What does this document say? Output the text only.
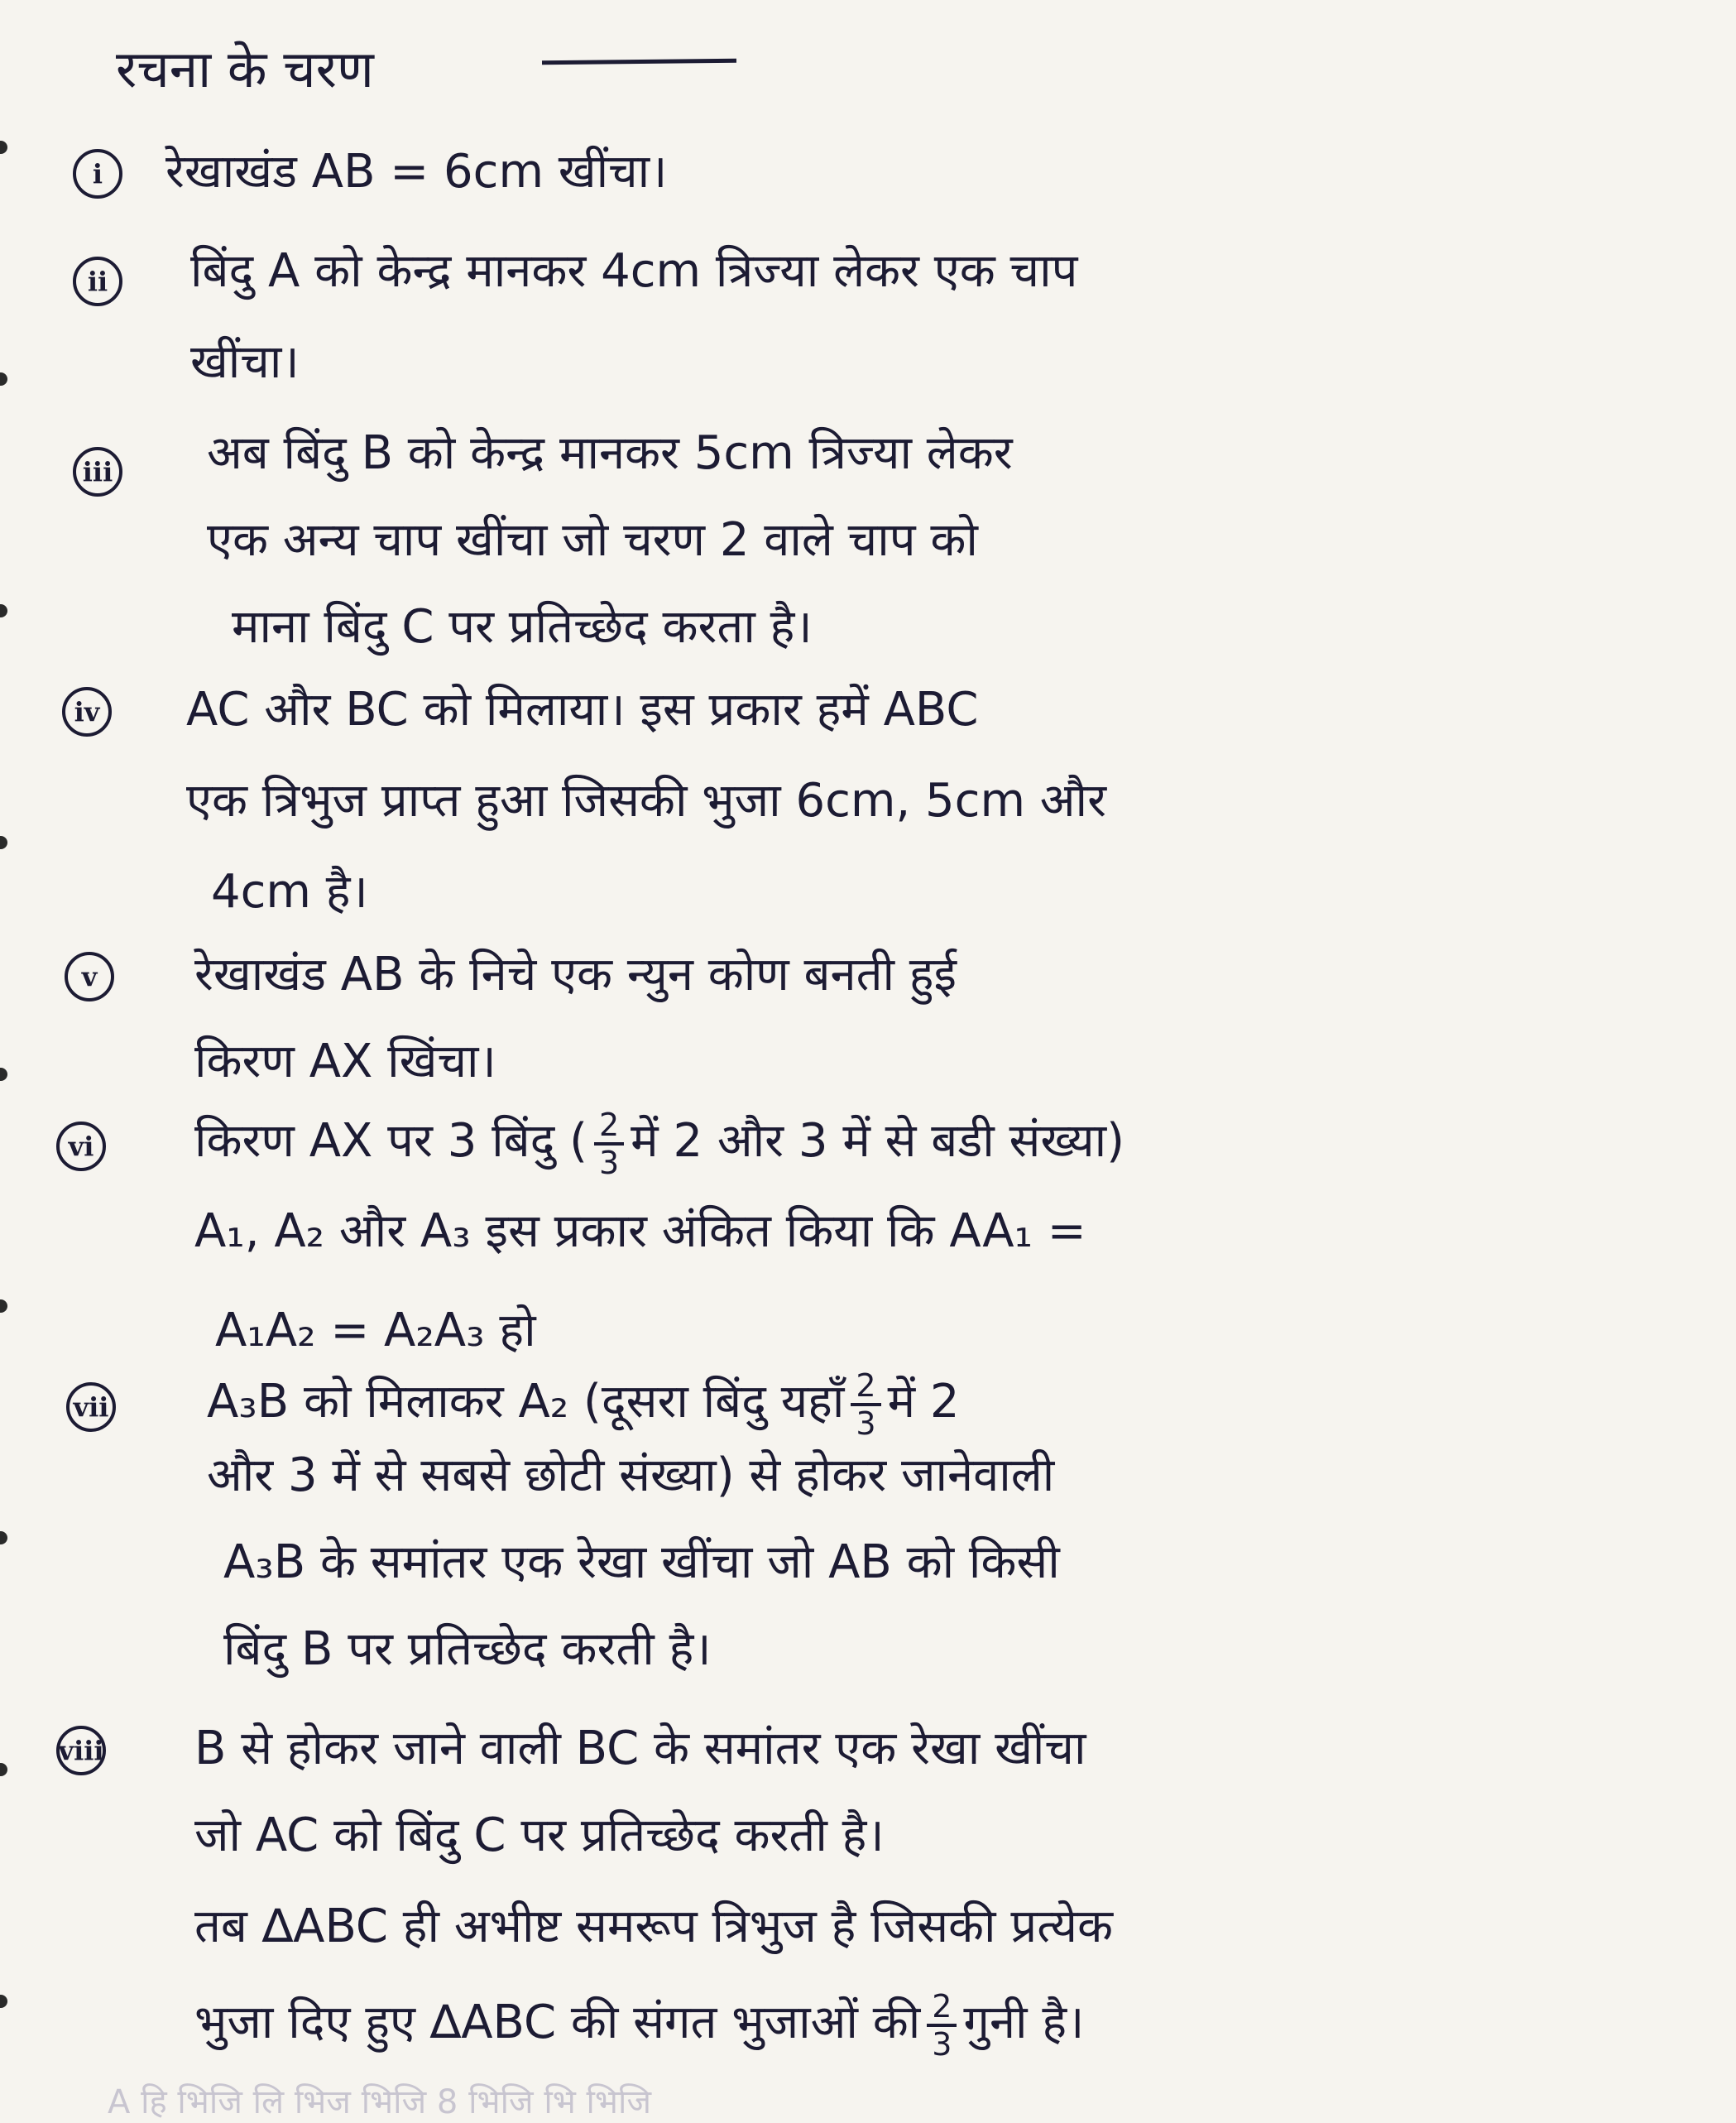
रचना के चरण
i	रेखाखंड AB = 6cm खींचा।
ii	बिंदु A को केन्द्र मानकर 4cm त्रिज्या लेकर एक चाप
खींचा।
iii अब बिंदु B को केन्द्र मानकर 5cm त्रिज्या लेकर
एक अन्य चाप खींचा जो चरण 2 वाले चाप को
माना बिंदु C पर प्रतिच्छेद करता है।
iv AC और BC को मिलाया। इस प्रकार हमें ABC
एक त्रिभुज प्राप्त हुआ जिसकी भुजा 6cm, 5cm और
4cm है।
v	रेखाखंड AB के निचे एक न्युन कोण बनती हुई
किरण AX खिंचा।
vi किरण AX पर 3 बिंदु ( $\frac{2}{3}$ में 2 और 3 में से बडी संख्या)
A₁, A₂ और A₃ इस प्रकार अंकित किया कि AA₁ =
A₁A₂ = A₂A₃ हो
vii A₃B को मिलाकर A₂ (दूसरा बिंदु यहाँ $\frac{2}{3}$ में 2
और 3 में से सबसे छोटी संख्या) से होकर जानेवाली
A₃B के समांतर एक रेखा खींचा जो AB को किसी
बिंदु B पर प्रतिच्छेद करती है।
viii B से होकर जाने वाली BC के समांतर एक रेखा खींचा
जो AC को बिंदु C पर प्रतिच्छेद करती है।
तब ∆ABC ही अभीष्ट समरूप त्रिभुज है जिसकी प्रत्येक
भुजा दिए हुए ∆ABC की संगत भुजाओं की $\frac{2}{3}$ गुनी है।
A हि भिजि लि भिज भिजि 8 भिजि भि भिजि
